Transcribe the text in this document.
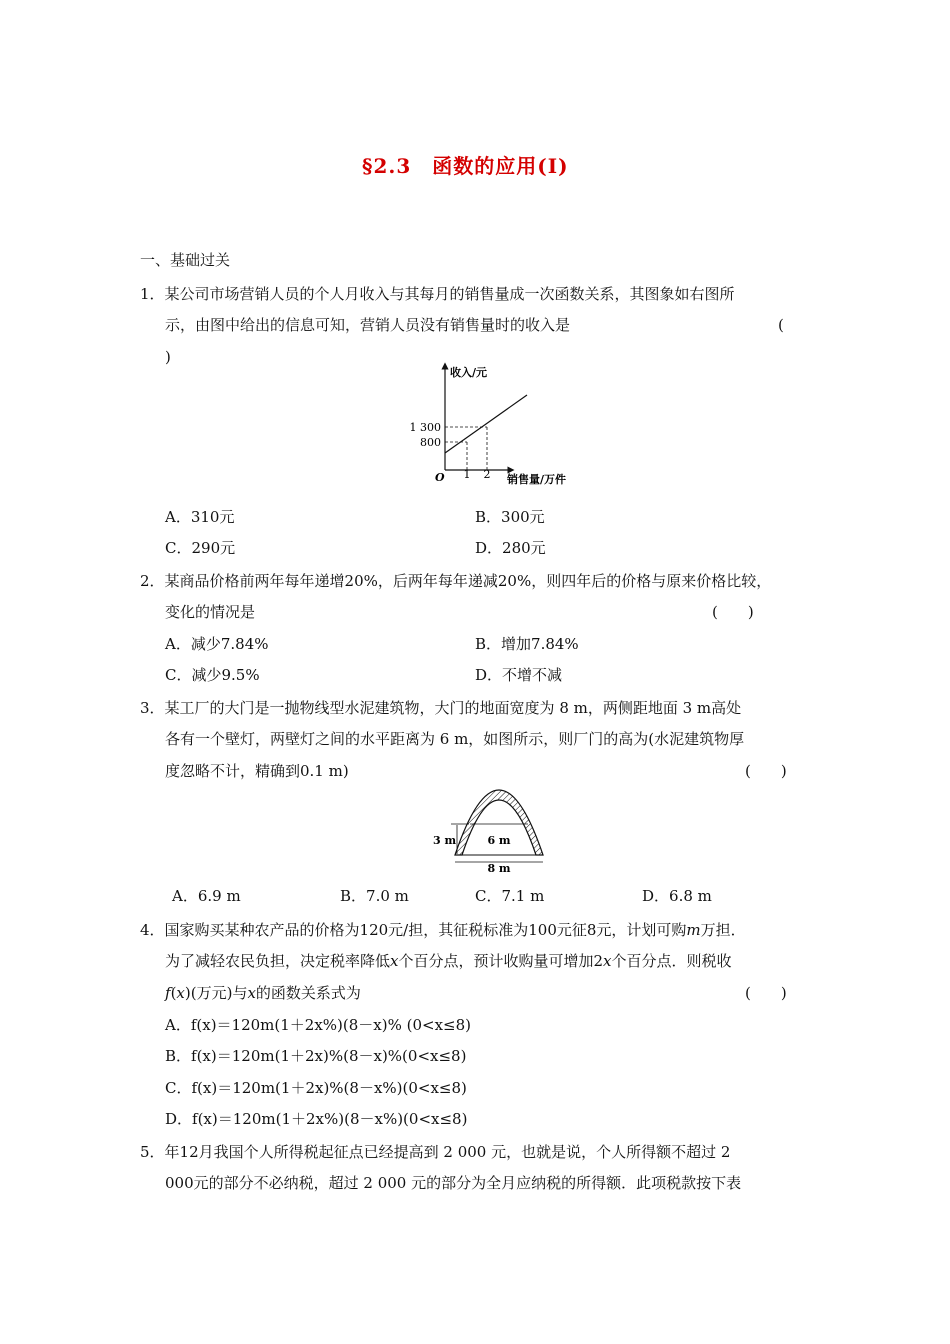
§2.3　函数的应用(Ⅰ)
一、基础过关
1．某公司市场营销人员的个人月收入与其每月的销售量成一次函数关系，其图象如右图所
示，由图中给出的信息可知，营销人员没有销售量时的收入是	(
)
收入/元
1 300
800
O 1 2 销售量/万件
A．310元	B．300元
C．290元	D．280元
2．某商品价格前两年每年递增20%，后两年每年递减20%，则四年后的价格与原来价格比较，
变化的情况是	(　　)
A．减少7.84%	B．增加7.84%
C．减少9.5%	D．不增不减
3．某工厂的大门是一抛物线型水泥建筑物，大门的地面宽度为 8 m，两侧距地面 3 m高处
各有一个壁灯，两壁灯之间的水平距离为 6 m，如图所示，则厂门的高为(水泥建筑物厚
度忽略不计，精确到0.1 m)	(　　)
3 m	6 m
8 m
A．6.9 m	B．7.0 m	C．7.1 m	D．6.8 m
4．国家购买某种农产品的价格为120元/担，其征税标准为100元征8元，计划可购m万担．
为了减轻农民负担，决定税率降低x个百分点，预计收购量可增加2x个百分点．则税收
f(x)(万元)与x的函数关系式为	(　　)
A．f(x)＝120m(1＋2x%)(8－x)% (0<x≤8)
B．f(x)＝120m(1＋2x)%(8－x)%(0<x≤8)
C．f(x)＝120m(1＋2x)%(8－x%)(0<x≤8)
D．f(x)＝120m(1＋2x%)(8－x%)(0<x≤8)
5．年12月我国个人所得税起征点已经提高到 2 000 元，也就是说，个人所得额不超过 2
000元的部分不必纳税，超过 2 000 元的部分为全月应纳税的所得额．此项税款按下表
